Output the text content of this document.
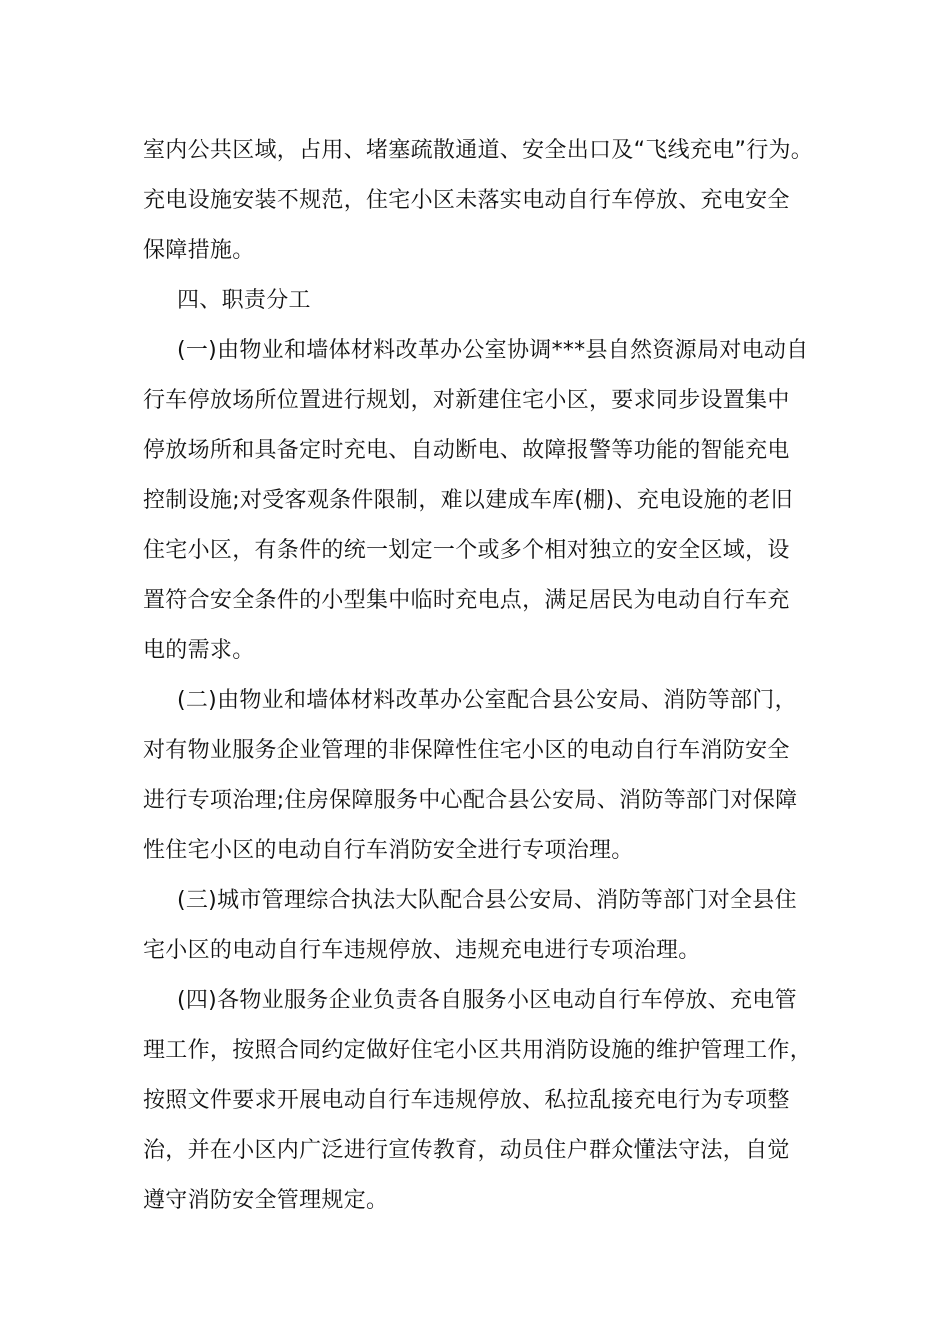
室内公共区域，占用、堵塞疏散通道、安全出口及“飞线充电”行为。
充电设施安装不规范，住宅小区未落实电动自行车停放、充电安全
保障措施。
四、职责分工
(一)由物业和墙体材料改革办公室协调***县自然资源局对电动自
行车停放场所位置进行规划，对新建住宅小区，要求同步设置集中
停放场所和具备定时充电、自动断电、故障报警等功能的智能充电
控制设施;对受客观条件限制，难以建成车库(棚)、充电设施的老旧
住宅小区，有条件的统一划定一个或多个相对独立的安全区域，设
置符合安全条件的小型集中临时充电点，满足居民为电动自行车充
电的需求。
(二)由物业和墙体材料改革办公室配合县公安局、消防等部门，
对有物业服务企业管理的非保障性住宅小区的电动自行车消防安全
进行专项治理;住房保障服务中心配合县公安局、消防等部门对保障
性住宅小区的电动自行车消防安全进行专项治理。
(三)城市管理综合执法大队配合县公安局、消防等部门对全县住
宅小区的电动自行车违规停放、违规充电进行专项治理。
(四)各物业服务企业负责各自服务小区电动自行车停放、充电管
理工作，按照合同约定做好住宅小区共用消防设施的维护管理工作，
按照文件要求开展电动自行车违规停放、私拉乱接充电行为专项整
治，并在小区内广泛进行宣传教育，动员住户群众懂法守法，自觉
遵守消防安全管理规定。
